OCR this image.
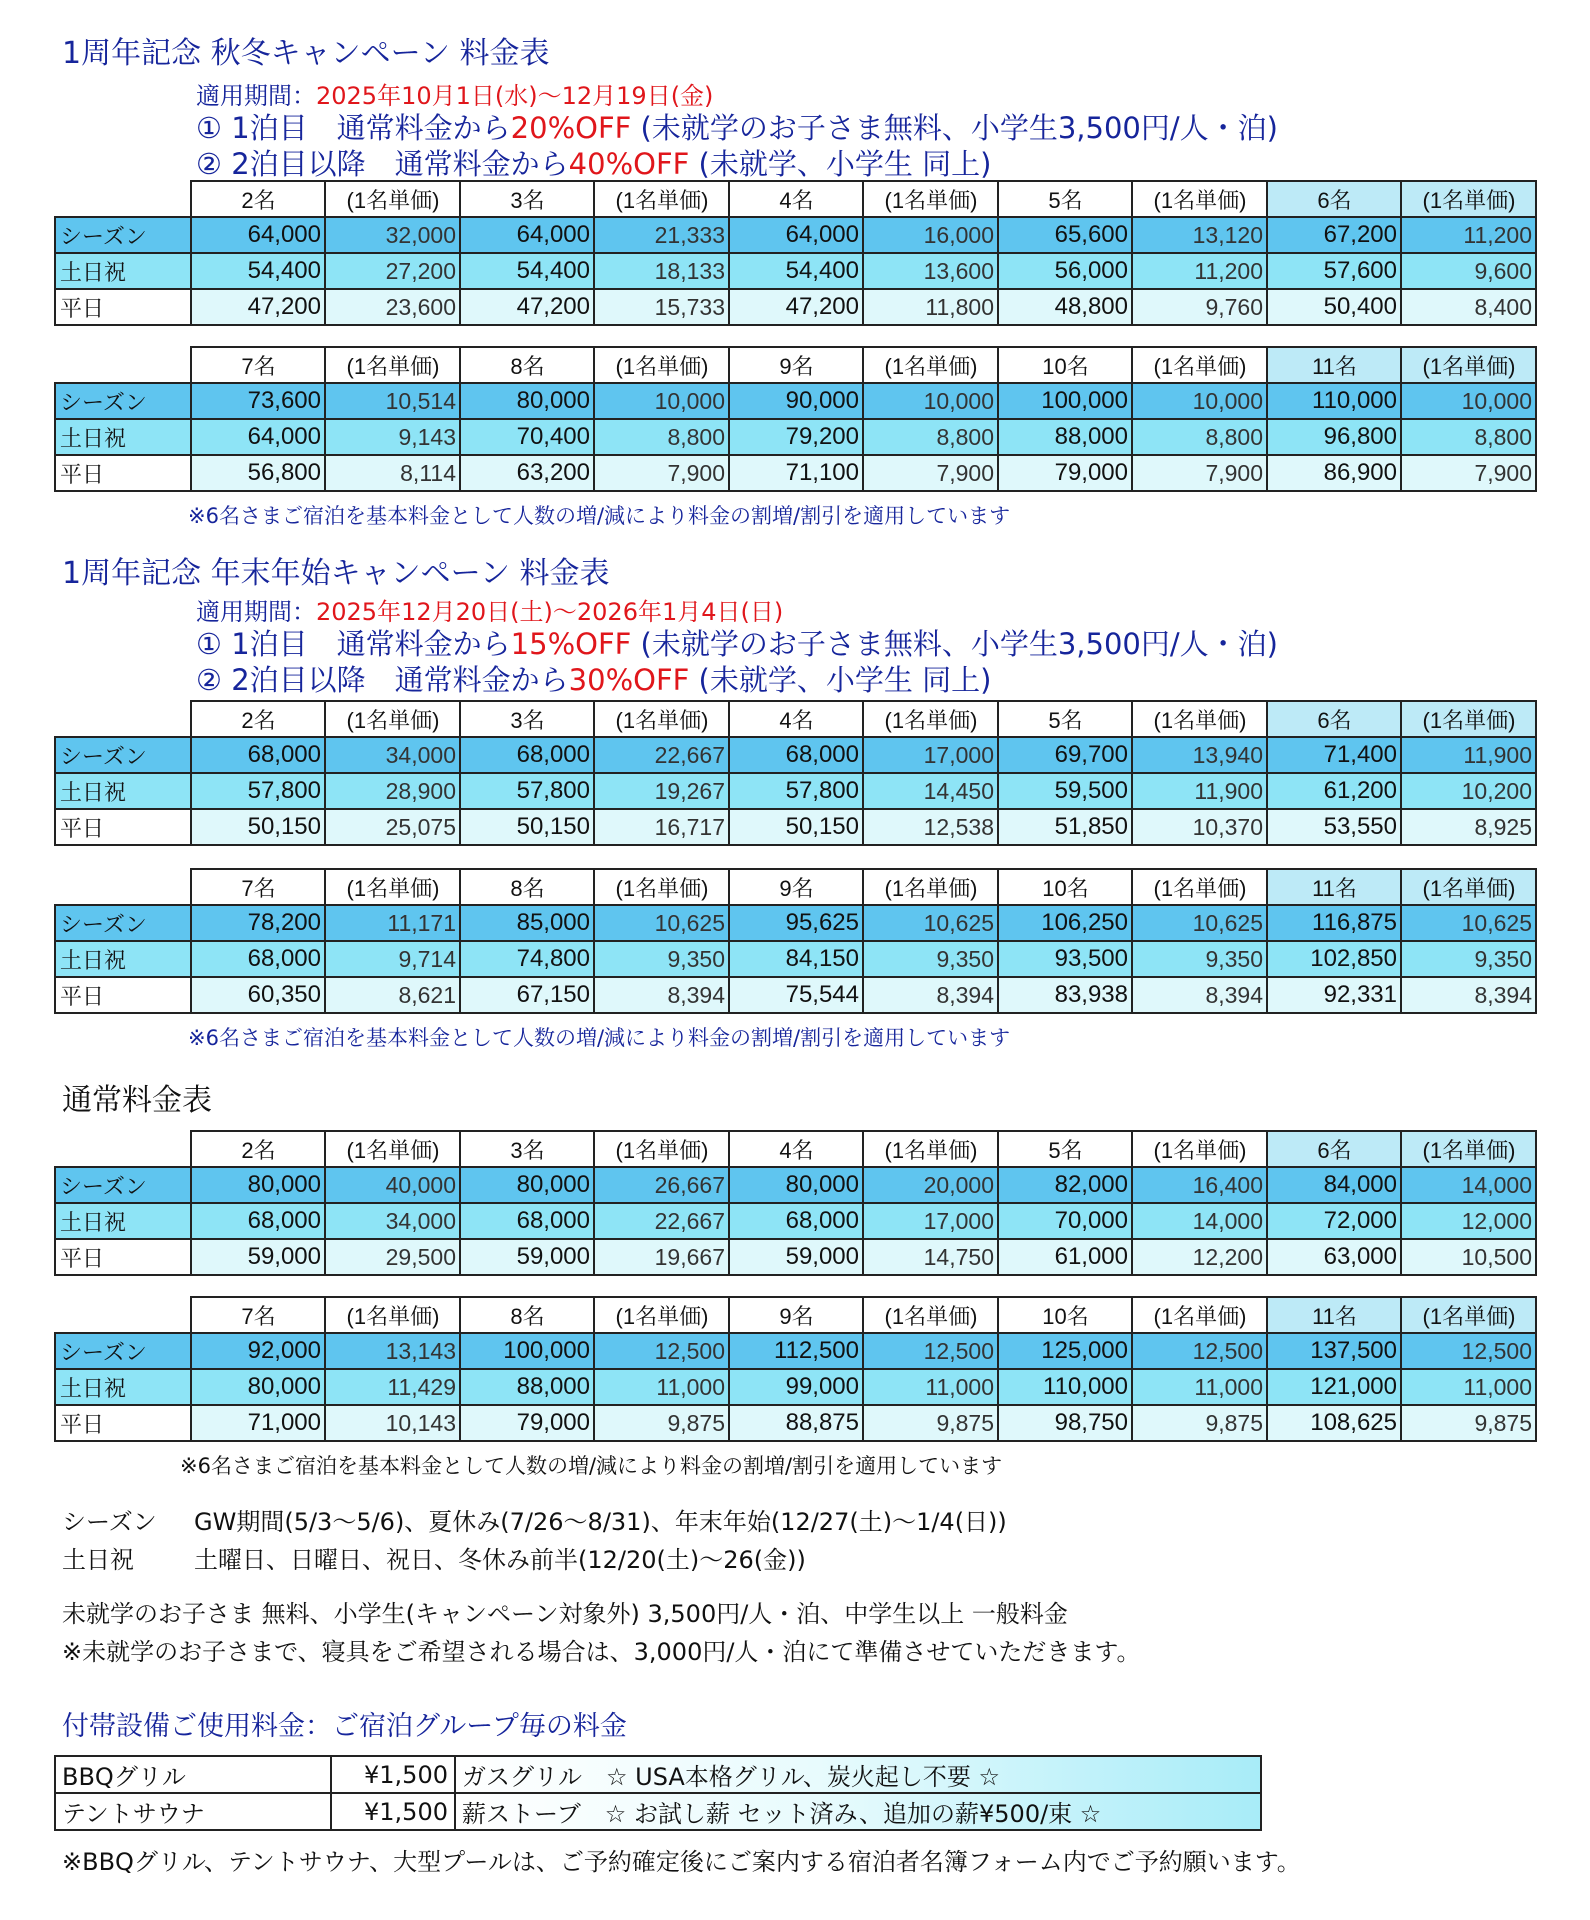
1周年記念 秋冬キャンペーン 料金表
適用期間：2025年10月1日(水)～12月19日(金)
① 1泊目　通常料金から20%OFF (未就学のお子さま無料、小学生3,500円/人・泊)
② 2泊目以降　通常料金から40%OFF (未就学、小学生 同上)
	2名	(1名単価)	3名	(1名単価)	4名	(1名単価)	5名	(1名単価)	6名	(1名単価)
シーズン	64,000	32,000	64,000	21,333	64,000	16,000	65,600	13,120	67,200	11,200
土日祝	54,400	27,200	54,400	18,133	54,400	13,600	56,000	11,200	57,600	9,600
平日	47,200	23,600	47,200	15,733	47,200	11,800	48,800	9,760	50,400	8,400
	7名	(1名単価)	8名	(1名単価)	9名	(1名単価)	10名	(1名単価)	11名	(1名単価)
シーズン	73,600	10,514	80,000	10,000	90,000	10,000	100,000	10,000	110,000	10,000
土日祝	64,000	9,143	70,400	8,800	79,200	8,800	88,000	8,800	96,800	8,800
平日	56,800	8,114	63,200	7,900	71,100	7,900	79,000	7,900	86,900	7,900
※6名さまご宿泊を基本料金として人数の増/減により料金の割増/割引を適用しています
1周年記念 年末年始キャンペーン 料金表
適用期間：2025年12月20日(土)～2026年1月4日(日)
① 1泊目　通常料金から15%OFF (未就学のお子さま無料、小学生3,500円/人・泊)
② 2泊目以降　通常料金から30%OFF (未就学、小学生 同上)
	2名	(1名単価)	3名	(1名単価)	4名	(1名単価)	5名	(1名単価)	6名	(1名単価)
シーズン	68,000	34,000	68,000	22,667	68,000	17,000	69,700	13,940	71,400	11,900
土日祝	57,800	28,900	57,800	19,267	57,800	14,450	59,500	11,900	61,200	10,200
平日	50,150	25,075	50,150	16,717	50,150	12,538	51,850	10,370	53,550	8,925
	7名	(1名単価)	8名	(1名単価)	9名	(1名単価)	10名	(1名単価)	11名	(1名単価)
シーズン	78,200	11,171	85,000	10,625	95,625	10,625	106,250	10,625	116,875	10,625
土日祝	68,000	9,714	74,800	9,350	84,150	9,350	93,500	9,350	102,850	9,350
平日	60,350	8,621	67,150	8,394	75,544	8,394	83,938	8,394	92,331	8,394
※6名さまご宿泊を基本料金として人数の増/減により料金の割増/割引を適用しています
通常料金表
	2名	(1名単価)	3名	(1名単価)	4名	(1名単価)	5名	(1名単価)	6名	(1名単価)
シーズン	80,000	40,000	80,000	26,667	80,000	20,000	82,000	16,400	84,000	14,000
土日祝	68,000	34,000	68,000	22,667	68,000	17,000	70,000	14,000	72,000	12,000
平日	59,000	29,500	59,000	19,667	59,000	14,750	61,000	12,200	63,000	10,500
	7名	(1名単価)	8名	(1名単価)	9名	(1名単価)	10名	(1名単価)	11名	(1名単価)
シーズン	92,000	13,143	100,000	12,500	112,500	12,500	125,000	12,500	137,500	12,500
土日祝	80,000	11,429	88,000	11,000	99,000	11,000	110,000	11,000	121,000	11,000
平日	71,000	10,143	79,000	9,875	88,875	9,875	98,750	9,875	108,625	9,875
※6名さまご宿泊を基本料金として人数の増/減により料金の割増/割引を適用しています
シーズン GW期間(5/3～5/6)、夏休み(7/26～8/31)、年末年始(12/27(土)～1/4(日))
土日祝	土曜日、日曜日、祝日、冬休み前半(12/20(土)～26(金))
未就学のお子さま 無料、小学生(キャンペーン対象外) 3,500円/人・泊、中学生以上 一般料金
※未就学のお子さまで、寝具をご希望される場合は、3,000円/人・泊にて準備させていただきます。
付帯設備ご使用料金：ご宿泊グループ毎の料金
BBQグリル	¥1,500	ガスグリル　☆ USA本格グリル、炭火起し不要 ☆
テントサウナ	¥1,500	薪ストーブ　☆ お試し薪 セット済み、追加の薪¥500/束 ☆
※BBQグリル、テントサウナ、大型プールは、ご予約確定後にご案内する宿泊者名簿フォーム内でご予約願います。
